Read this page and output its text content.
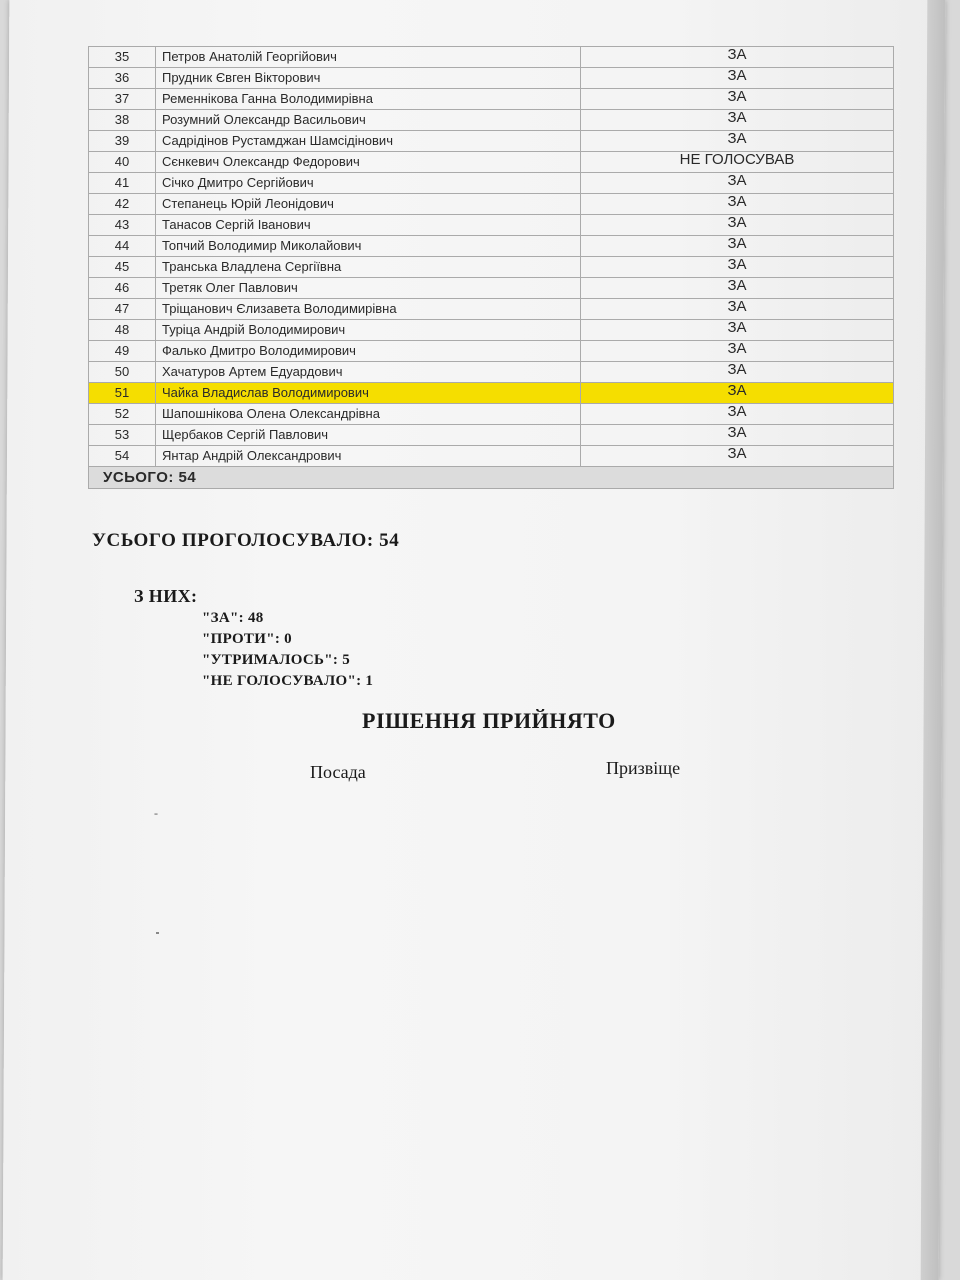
35	Петров Анатолій Георгійович	ЗА
36	Прудник Євген Вікторович	ЗА
37	Ременнікова Ганна Володимирівна	ЗА
38	Розумний Олександр Васильович	ЗА
39	Садрідінов Рустамджан Шамсідінович	ЗА
40	Сєнкевич Олександр Федорович	НЕ ГОЛОСУВАВ
41	Січко Дмитро Сергійович	ЗА
42	Степанець Юрій Леонідович	ЗА
43	Танасов Сергій Іванович	ЗА
44	Топчий Володимир Миколайович	ЗА
45	Транська Владлена Сергіївна	ЗА
46	Третяк Олег Павлович	ЗА
47	Тріщанович Єлизавета Володимирівна	ЗА
48	Туріца Андрій Володимирович	ЗА
49	Фалько Дмитро Володимирович	ЗА
50	Хачатуров Артем Едуардович	ЗА
51	Чайка Владислав Володимирович	ЗА
52	Шапошнікова Олена Олександрівна	ЗА
53	Щербаков Сергій Павлович	ЗА
54	Янтар Андрій Олександрович	ЗА
УСЬОГО: 54		
УСЬОГО ПРОГОЛОСУВАЛО: 54
З НИХ:
"ЗА": 48
"ПРОТИ": 0
"УТРИМАЛОСЬ": 5
"НЕ ГОЛОСУВАЛО": 1
РІШЕННЯ ПРИЙНЯТО
Посада	Призвіще
-
